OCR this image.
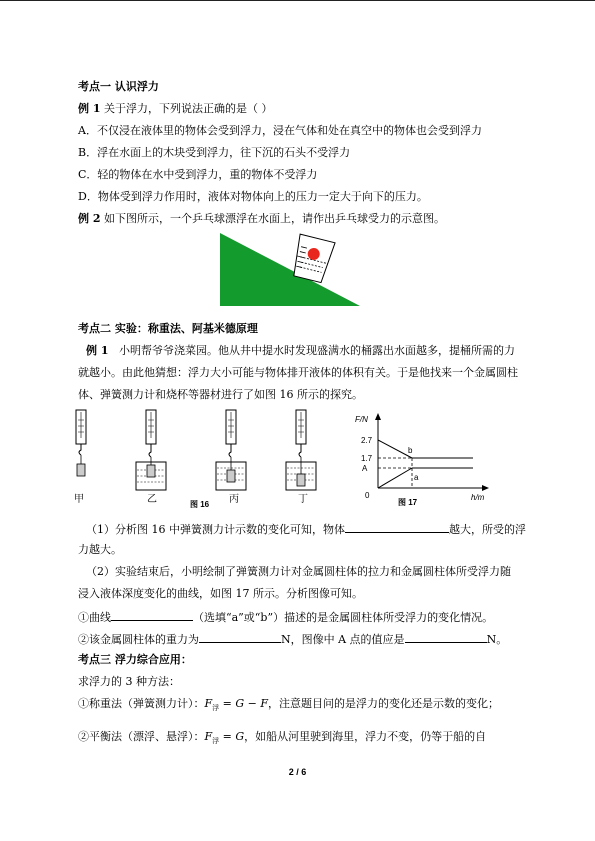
考点一 认识浮力
例 1 关于浮力，下列说法正确的是（ ）
A．不仅浸在液体里的物体会受到浮力，浸在气体和处在真空中的物体也会受到浮力
B．浮在水面上的木块受到浮力，往下沉的石头不受浮力
C．轻的物体在水中受到浮力，重的物体不受浮力
D．物体受到浮力作用时，液体对物体向上的压力一定大于向下的压力。
例 2 如下图所示，一个乒乓球漂浮在水面上，请作出乒乓球受力的示意图。
考点二 实验：称重法、阿基米德原理
例 1 小明帮爷爷浇菜园。他从井中提水时发现盛满水的桶露出水面越多，提桶所需的力
就越小。由此他猜想：浮力大小可能与物体排开液体的体积有关。于是他找来一个金属圆柱
体、弹簧测力计和烧杯等器材进行了如图 16 所示的探究。
甲	乙	丙	丁
图 16
F/N
2.7
1.7
A
0
b
a
h/m
图 17
（1）分析图 16 中弹簧测力计示数的变化可知，物体	越大，所受的浮
力越大。
（2）实验结束后，小明绘制了弹簧测力计对金属圆柱体的拉力和金属圆柱体所受浮力随
浸入液体深度变化的曲线，如图 17 所示。分析图像可知。
①曲线	（选填“a”或“b”）描述的是金属圆柱体所受浮力的变化情况。
②该金属圆柱体的重力为	N，图像中 A 点的值应是	N。
考点三 浮力综合应用：
求浮力的 3 种方法：
①称重法（弹簧测力计）：$F_浮 = G - F$，注意题目问的是浮力的变化还是示数的变化；
②平衡法（漂浮、悬浮）：$F_浮 = G$，如船从河里驶到海里，浮力不变，仍等于船的自
2 / 6
